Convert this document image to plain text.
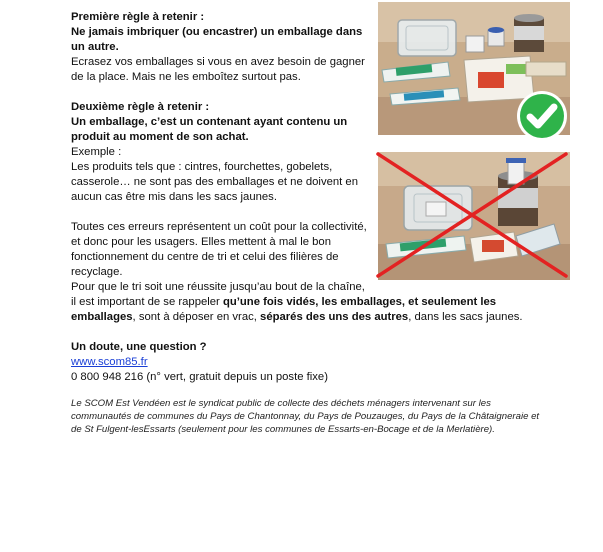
Première règle à retenir :
Ne jamais imbriquer (ou encastrer) un emballage dans
un autre.
Ecrasez vos emballages si vous en avez besoin de gagner
de la place. Mais ne les emboîtez surtout pas.
Deuxième règle à retenir :
Un emballage, c’est un contenant ayant contenu un
produit au moment de son achat.
Exemple :
Les produits tels que : cintres, fourchettes, gobelets,
casserole… ne sont pas des emballages et ne doivent en
aucun cas être mis dans les sacs jaunes.
Toutes ces erreurs représentent un coût pour la collectivité,
et donc pour les usagers. Elles mettent à mal le bon
fonctionnement du centre de tri et celui des filières de
recyclage.
Pour que le tri soit une réussite jusqu’au bout de la chaîne,
il est important de se rappeler qu’une fois vidés, les emballages, et seulement les
emballages, sont à déposer en vrac, séparés des uns des autres, dans les sacs jaunes.
Un doute, une question ?
www.scom85.fr
0 800 948 216 (n° vert, gratuit depuis un poste fixe)
Le SCOM Est Vendéen est le syndicat public de collecte des déchets ménagers intervenant sur les communautés de communes du Pays de Chantonnay, du Pays de Pouzauges, du Pays de la Châtaigneraie et de St Fulgent-lesEssarts (seulement pour les communes de Essarts-en-Bocage et de la Merlatière).
